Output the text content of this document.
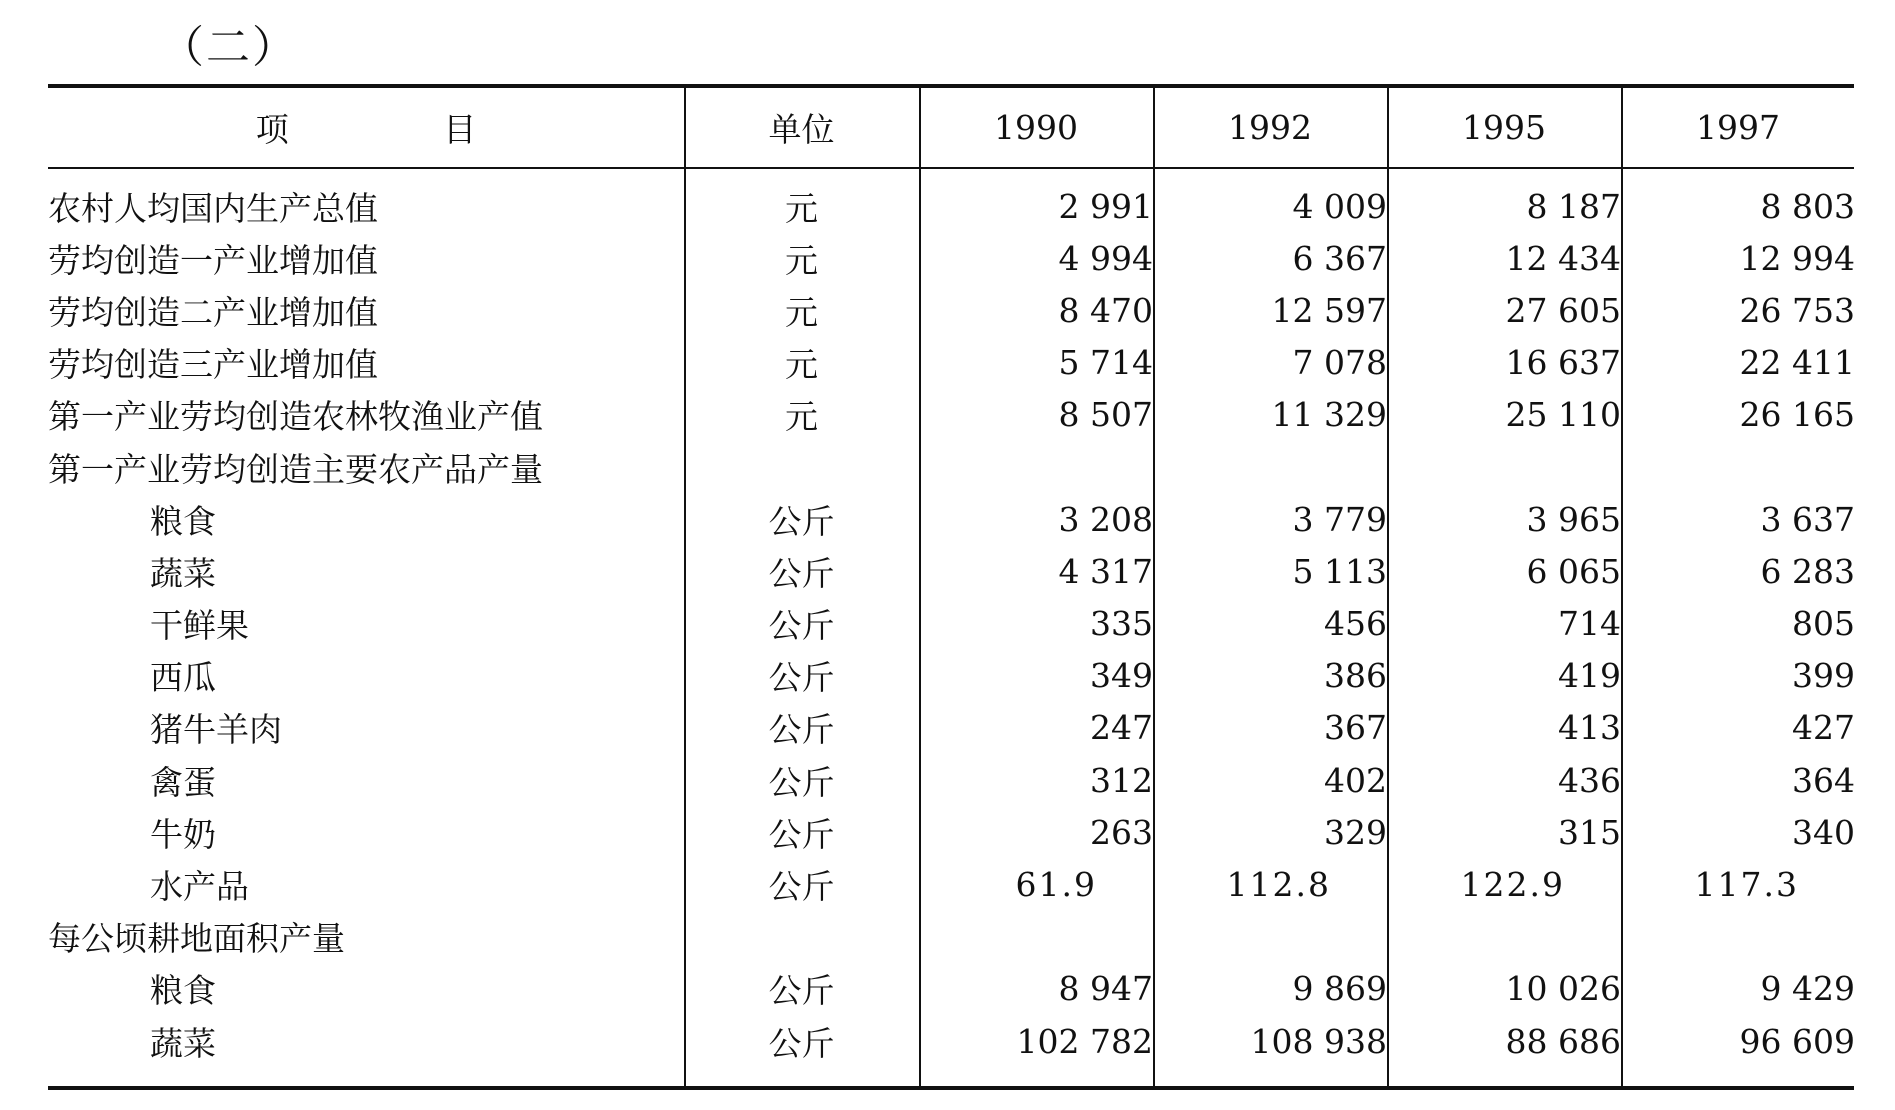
（二）
项 目	单位	1990	1992	1995	1997

农村人均国内生产总值	元	2 991	4 009	8 187	8 803
劳均创造一产业增加值	元	4 994	6 367	12 434	12 994
劳均创造二产业增加值	元	8 470	12 597	27 605	26 753
劳均创造三产业增加值	元	5 714	7 078	16 637	22 411
第一产业劳均创造农林牧渔业产值	元	8 507	11 329	25 110	26 165
第一产业劳均创造主要农产品产量					
粮食	公斤	3 208	3 779	3 965	3 637
蔬菜	公斤	4 317	5 113	6 065	6 283
干鲜果	公斤	335	456	714	805
西瓜	公斤	349	386	419	399
猪牛羊肉	公斤	247	367	413	427
禽蛋	公斤	312	402	436	364
牛奶	公斤	263	329	315	340
水产品	公斤	61.9	112.8	122.9	117.3
每公顷耕地面积产量					
粮食	公斤	8 947	9 869	10 026	9 429
蔬菜	公斤	102 782	108 938	88 686	96 609
